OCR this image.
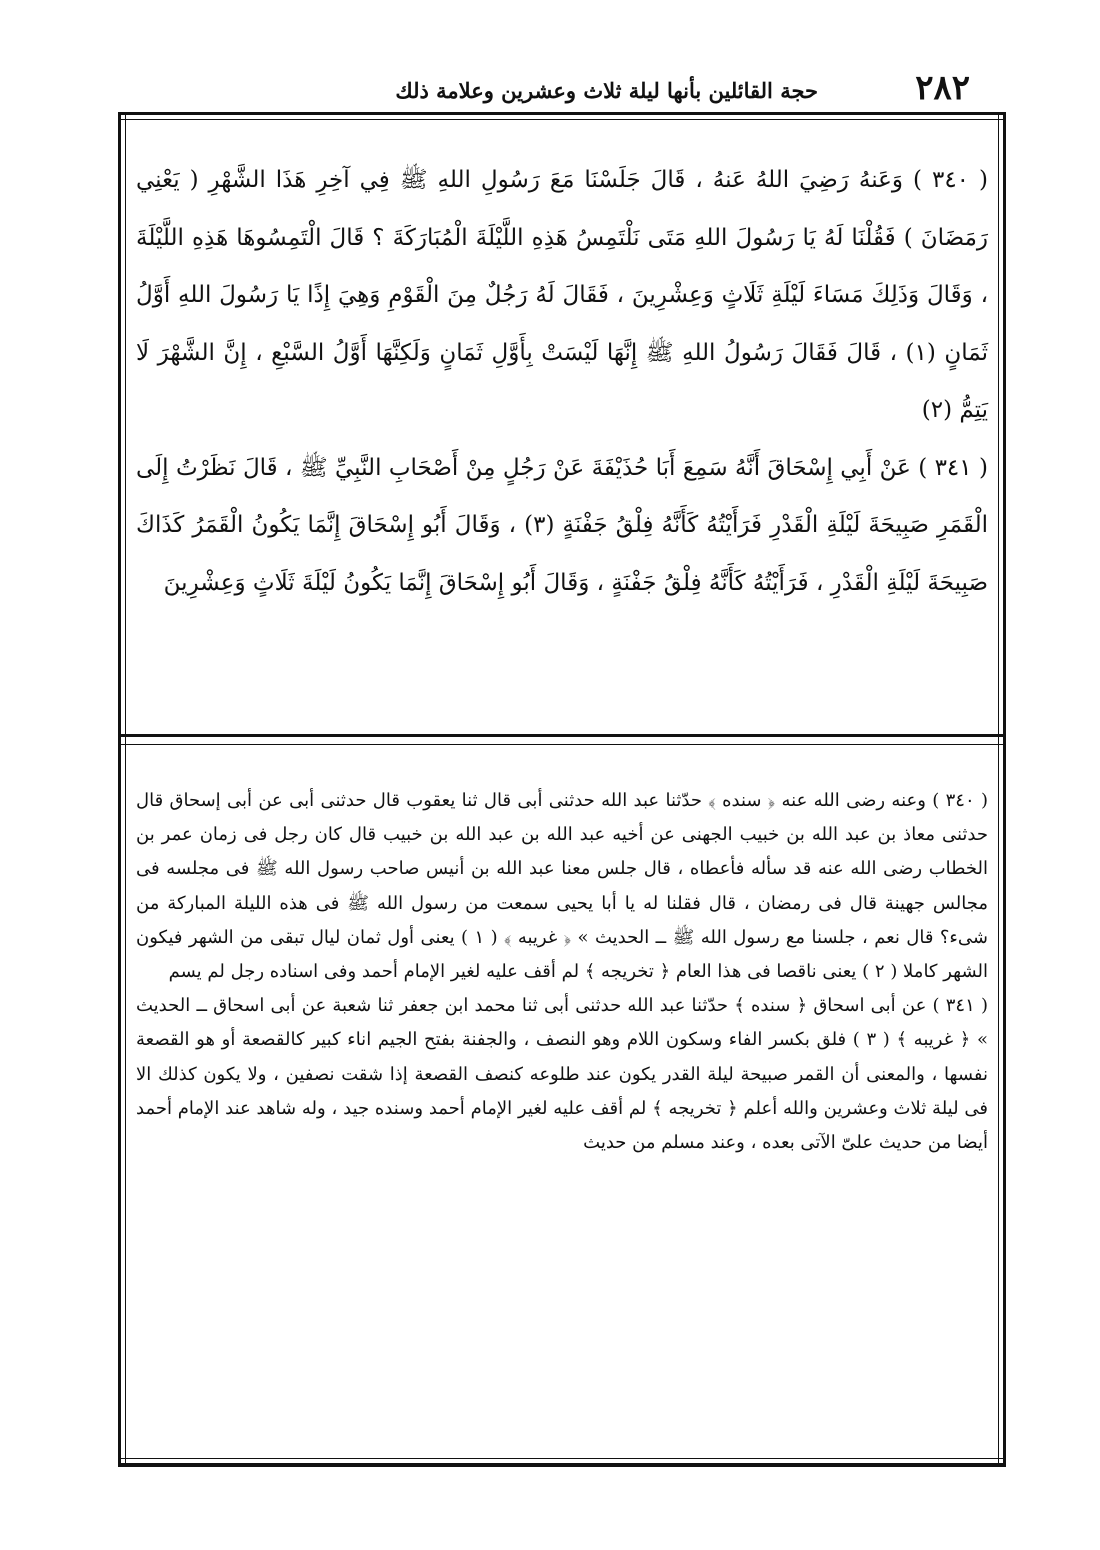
٢٨٢
حجة القائلين بأنها ليلة ثلاث وعشرين وعلامة ذلك

( ٣٤٠ ) وَعَنهُ رَضِيَ اللهُ عَنهُ ، قَالَ جَلَسْنَا مَعَ رَسُولِ اللهِ ﷺ فِي آخِرِ هَذَا الشَّهْرِ ( يَعْنِي رَمَضَانَ ) فَقُلْنَا لَهُ يَا رَسُولَ اللهِ مَتَى نَلْتَمِسُ هَذِهِ اللَّيْلَةَ الْمُبَارَكَةَ ؟ قَالَ الْتَمِسُوهَا هَذِهِ اللَّيْلَةَ ، وَقَالَ وَذَلِكَ مَسَاءَ لَيْلَةِ ثَلَاثٍ وَعِشْرِينَ ، فَقَالَ لَهُ رَجُلٌ مِنَ الْقَوْمِ وَهِيَ إِذًا يَا رَسُولَ اللهِ أَوَّلُ ثَمَانٍ (١) ، قَالَ فَقَالَ رَسُولُ اللهِ ﷺ إِنَّهَا لَيْسَتْ بِأَوَّلِ ثَمَانٍ وَلَكِنَّهَا أَوَّلُ السَّبْعِ ، إِنَّ الشَّهْرَ لَا يَتِمُّ (٢)

( ٣٤١ ) عَنْ أَبِي إِسْحَاقَ أَنَّهُ سَمِعَ أَبَا حُذَيْفَةَ عَنْ رَجُلٍ مِنْ أَصْحَابِ النَّبِيِّ ﷺ ، قَالَ نَظَرْتُ إِلَى الْقَمَرِ صَبِيحَةَ لَيْلَةِ الْقَدْرِ فَرَأَيْتُهُ كَأَنَّهُ فِلْقُ جَفْنَةٍ (٣) ، وَقَالَ أَبُو إِسْحَاقَ إِنَّمَا يَكُونُ الْقَمَرُ كَذَاكَ صَبِيحَةَ لَيْلَةِ الْقَدْرِ ، فَرَأَيْتُهُ كَأَنَّهُ فِلْقُ جَفْنَةٍ ، وَقَالَ أَبُو إِسْحَاقَ إِنَّمَا يَكُونُ لَيْلَةَ ثَلَاثٍ وَعِشْرِينَ

( ٣٤٠ ) وعنه رضى الله عنه ﴿ سنده ﴾ حدّثنا عبد الله حدثنى أبى قال ثنا يعقوب قال حدثنى أبى عن أبى إسحاق قال حدثنى معاذ بن عبد الله بن خبيب الجهنى عن أخيه عبد الله بن عبد الله بن خبيب قال كان رجل فى زمان عمر بن الخطاب رضى الله عنه قد سأله فأعطاه ، قال جلس معنا عبد الله بن أنيس صاحب رسول الله ﷺ فى مجلسه فى مجالس جهينة قال فى رمضان ، قال فقلنا له يا أبا يحيى سمعت من رسول الله ﷺ فى هذه الليلة المباركة من شىء؟ قال نعم ، جلسنا مع رسول الله ﷺ ــ الحديث » ﴿ غريبه ﴾ ( ١ ) يعنى أول ثمان ليال تبقى من الشهر فيكون الشهر كاملا ( ٢ ) يعنى ناقصا فى هذا العام ﴿ تخريجه ﴾ لم أقف عليه لغير الإمام أحمد وفى اسناده رجل لم يسم

( ٣٤١ ) عن أبى اسحاق ﴿ سنده ﴾ حدّثنا عبد الله حدثنى أبى ثنا محمد ابن جعفر ثنا شعبة عن أبى اسحاق ــ الحديث » ﴿ غريبه ﴾ ( ٣ ) فلق بكسر الفاء وسكون اللام وهو النصف ، والجفنة بفتح الجيم اناء كبير كالقصعة أو هو القصعة نفسها ، والمعنى أن القمر صبيحة ليلة القدر يكون عند طلوعه كنصف القصعة إذا شقت نصفين ، ولا يكون كذلك الا فى ليلة ثلاث وعشرين والله أعلم ﴿ تخريجه ﴾ لم أقف عليه لغير الإمام أحمد وسنده جيد ، وله شاهد عند الإمام أحمد أيضا من حديث علىّ الآتى بعده ، وعند مسلم من حديث
